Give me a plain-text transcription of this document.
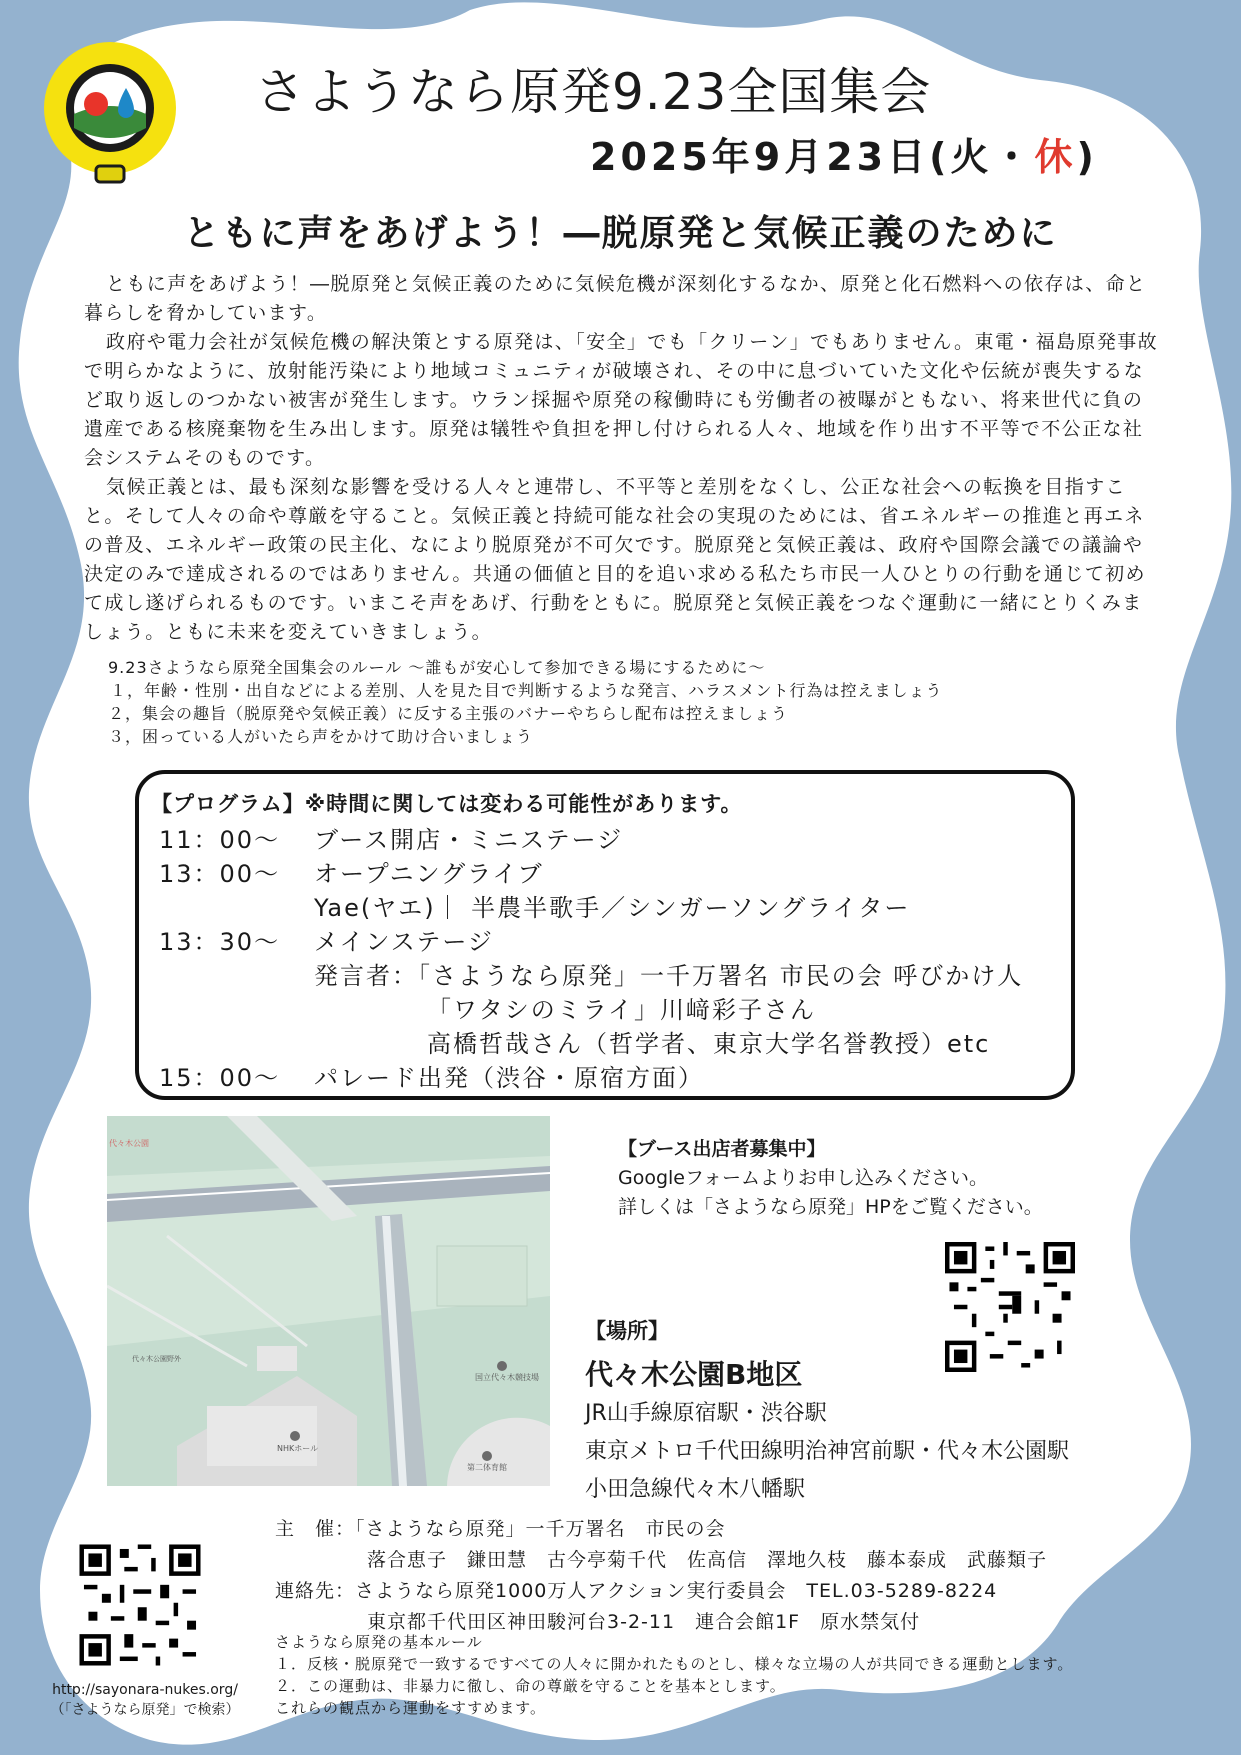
さようなら原発9.23全国集会
2025年9月23日(火・休)
ともに声をあげよう！―脱原発と気候正義のために

ともに声をあげよう！―脱原発と気候正義のために気候危機が深刻化するなか、原発と化石燃料への依存は、命と暮らしを脅かしています。

政府や電力会社が気候危機の解決策とする原発は、「安全」でも「クリーン」でもありません。東電・福島原発事故で明らかなように、放射能汚染により地域コミュニティが破壊され、その中に息づいていた文化や伝統が喪失するなど取り返しのつかない被害が発生します。ウラン採掘や原発の稼働時にも労働者の被曝がともない、将来世代に負の遺産である核廃棄物を生み出します。原発は犠牲や負担を押し付けられる人々、地域を作り出す不平等で不公正な社会システムそのものです。

気候正義とは、最も深刻な影響を受ける人々と連帯し、不平等と差別をなくし、公正な社会への転換を目指すこと。そして人々の命や尊厳を守ること。気候正義と持続可能な社会の実現のためには、省エネルギーの推進と再エネの普及、エネルギー政策の民主化、なにより脱原発が不可欠です。脱原発と気候正義は、政府や国際会議での議論や決定のみで達成されるのではありません。共通の価値と目的を追い求める私たち市民一人ひとりの行動を通じて初めて成し遂げられるものです。いまこそ声をあげ、行動をともに。脱原発と気候正義をつなぐ運動に一緒にとりくみましょう。ともに未来を変えていきましょう。

9.23さようなら原発全国集会のルール ～誰もが安心して参加できる場にするために～
１，年齢・性別・出自などによる差別、人を見た目で判断するような発言、ハラスメント行為は控えましょう
２，集会の趣旨（脱原発や気候正義）に反する主張のバナーやちらし配布は控えましょう
３，困っている人がいたら声をかけて助け合いましょう
【プログラム】※時間に関しては変わる可能性があります。
11：00～ ブース開店・ミニステージ
13：00～ オープニングライブ
Yae(ヤエ)｜ 半農半歌手／シンガーソングライター
13：30～ メインステージ
発言者：「さようなら原発」一千万署名 市民の会 呼びかけ人
「ワタシのミライ」川﨑彩子さん
高橋哲哉さん（哲学者、東京大学名誉教授）etc
15：00～ パレード出発（渋谷・原宿方面）
NHKホール
第二体育館
国立代々木競技場
代々木公園野外
代々木公園	【ブース出店者募集中】
Googleフォームよりお申し込みください。
詳しくは「さようなら原発」HPをご覧ください。
【場所】
代々木公園B地区
JR山手線原宿駅・渋谷駅
東京メトロ千代田線明治神宮前駅・代々木公園駅
小田急線代々木八幡駅
主　催：「さようなら原発」一千万署名　市民の会
落合恵子　鎌田慧　古今亭菊千代　佐高信　澤地久枝　藤本泰成　武藤類子
連絡先：さようなら原発1000万人アクション実行委員会　TEL.03-5289-8224
東京都千代田区神田駿河台3-2-11　連合会館1F　原水禁気付
さようなら原発の基本ルール
１．反核・脱原発で一致するですべての人々に開かれたものとし、様々な立場の人が共同できる運動とします。
２．この運動は、非暴力に徹し、命の尊厳を守ることを基本とします。
これらの観点から運動をすすめます。
http://sayonara-nukes.org/
（「さようなら原発」で検索）
